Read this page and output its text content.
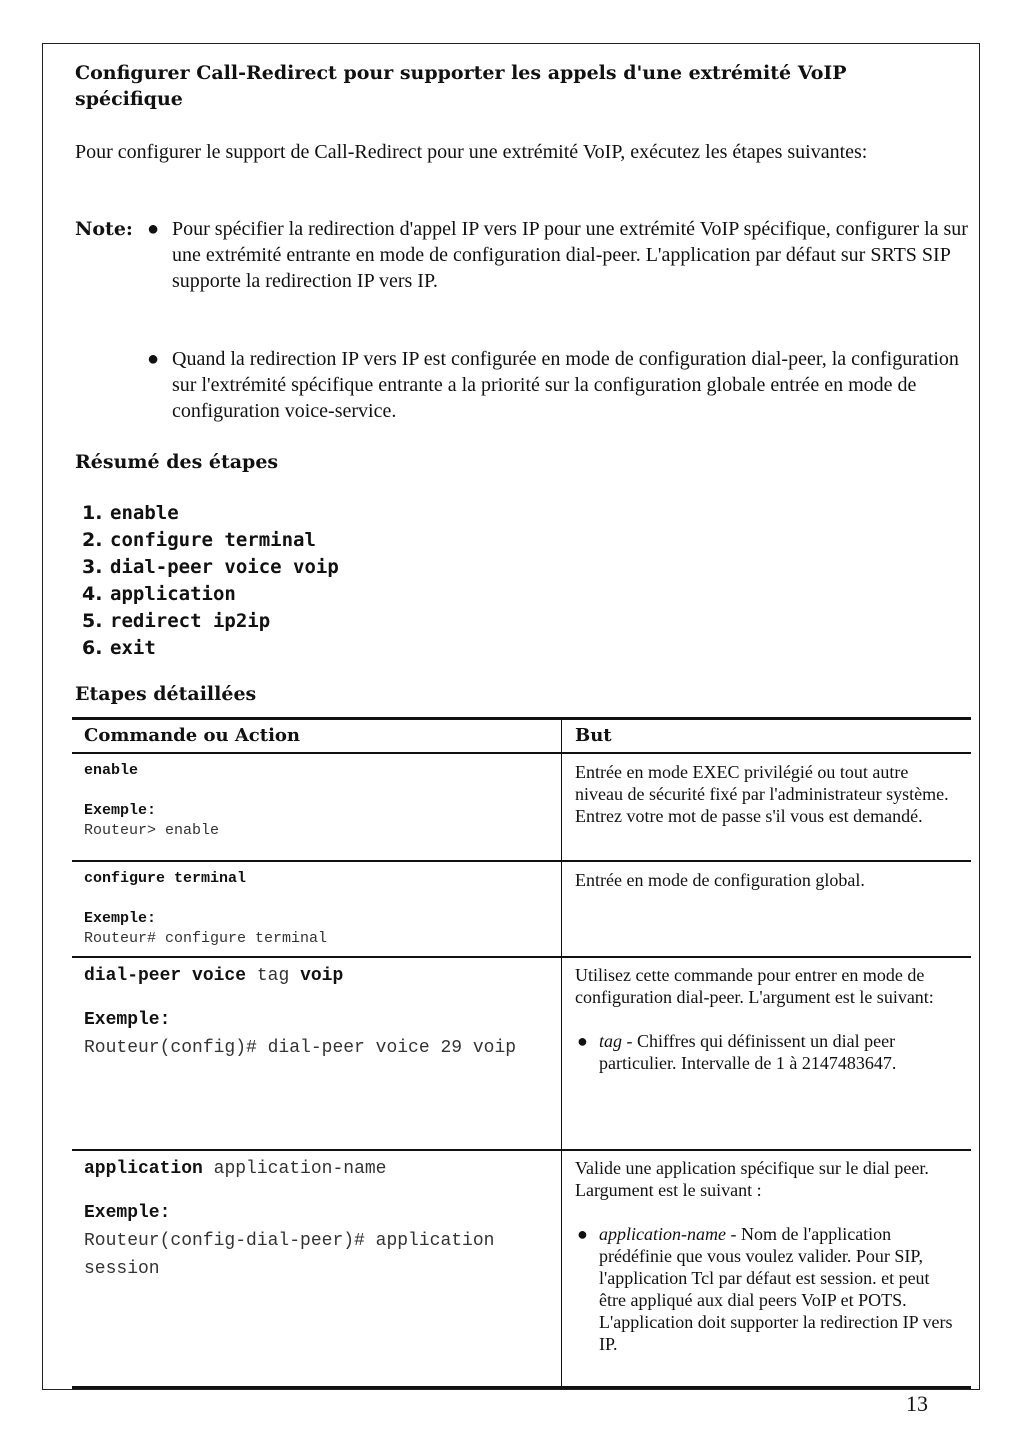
Configurer Call-Redirect pour supporter les appels d'une extrémité VoIP spécifique
Pour configurer le support de Call-Redirect pour une extrémité VoIP, exécutez les étapes suivantes:
Note: ● Pour spécifier la redirection d'appel IP vers IP pour une extrémité VoIP spécifique, configurer la sur une extrémité entrante en mode de configuration dial-peer. L'application par défaut sur SRTS SIP supporte la redirection IP vers IP.
● Quand la redirection IP vers IP est configurée en mode de configuration dial-peer, la configuration sur l'extrémité spécifique entrante a la priorité sur la configuration globale entrée en mode de configuration voice-service.
Résumé des étapes
1. enable
2. configure terminal
3. dial-peer voice voip
4. application
5. redirect ip2ip
6. exit
Etapes détaillées
Commande ou Action	But
enable
Exemple:
Routeur> enable
Entrée en mode EXEC privilégié ou tout autre niveau de sécurité fixé par l'administrateur système. Entrez votre mot de passe s'il vous est demandé.
configure terminal
Exemple:
Routeur# configure terminal
Entrée en mode de configuration global.
dial-peer voice tag voip
Exemple:
Routeur(config)# dial-peer voice 29 voip
Utilisez cette commande pour entrer en mode de configuration dial-peer. L'argument est le suivant:
● tag - Chiffres qui définissent un dial peer particulier. Intervalle de 1 à 2147483647.
application application-name
Exemple:
Routeur(config-dial-peer)# application session
Valide une application spécifique sur le dial peer. Largument est le suivant :
● application-name - Nom de l'application prédéfinie que vous voulez valider. Pour SIP, l'application Tcl par défaut est session. et peut être appliqué aux dial peers VoIP et POTS. L'application doit supporter la redirection IP vers IP.
13
